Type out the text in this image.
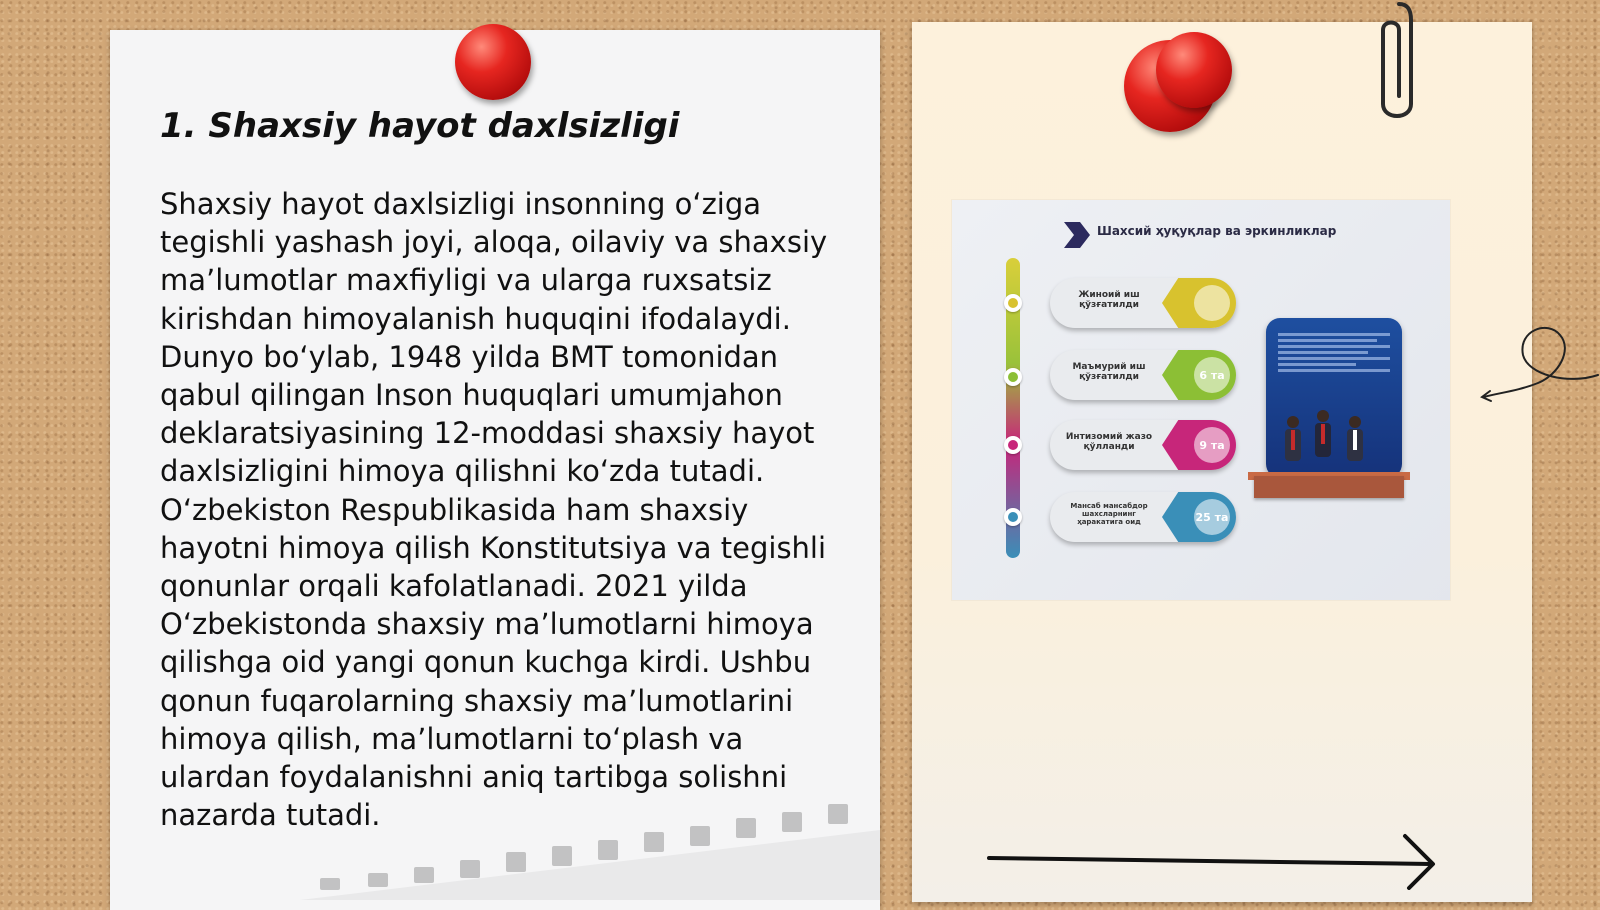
1. Shaxsiy hayot daxlsizligi

Shaxsiy hayot daxlsizligi insonning o‘ziga tegishli yashash joyi, aloqa, oilaviy va shaxsiy ma’lumotlar maxfiyligi va ularga ruxsatsiz kirishdan himoyalanish huquqini ifodalaydi. Dunyo bo‘ylab, 1948 yilda BMT tomonidan qabul qilingan Inson huquqlari umumjahon deklaratsiyasining 12-moddasi shaxsiy hayot daxlsizligini himoya qilishni ko‘zda tutadi. O‘zbekiston Respublikasida ham shaxsiy hayotni himoya qilish Konstitutsiya va tegishli qonunlar orqali kafolatlanadi. 2021 yilda O‘zbekistonda shaxsiy ma’lumotlarni himoya qilishga oid yangi qonun kuchga kirdi. Ushbu qonun fuqarolarning shaxsiy ma’lumotlarini himoya qilish, ma’lumotlarni to‘plash va ulardan foydalanishni aniq tartibga solishni nazarda tutadi.

Шахсий ҳуқуқлар ва эркинликлар
Жиноий иш қўзғатилди
Маъмурий иш қўзғатилди	6 та
Интизомий жазо қўлланди	9 та
Мансаб мансабдор шахсларнинг ҳаракатига оид	25 та
